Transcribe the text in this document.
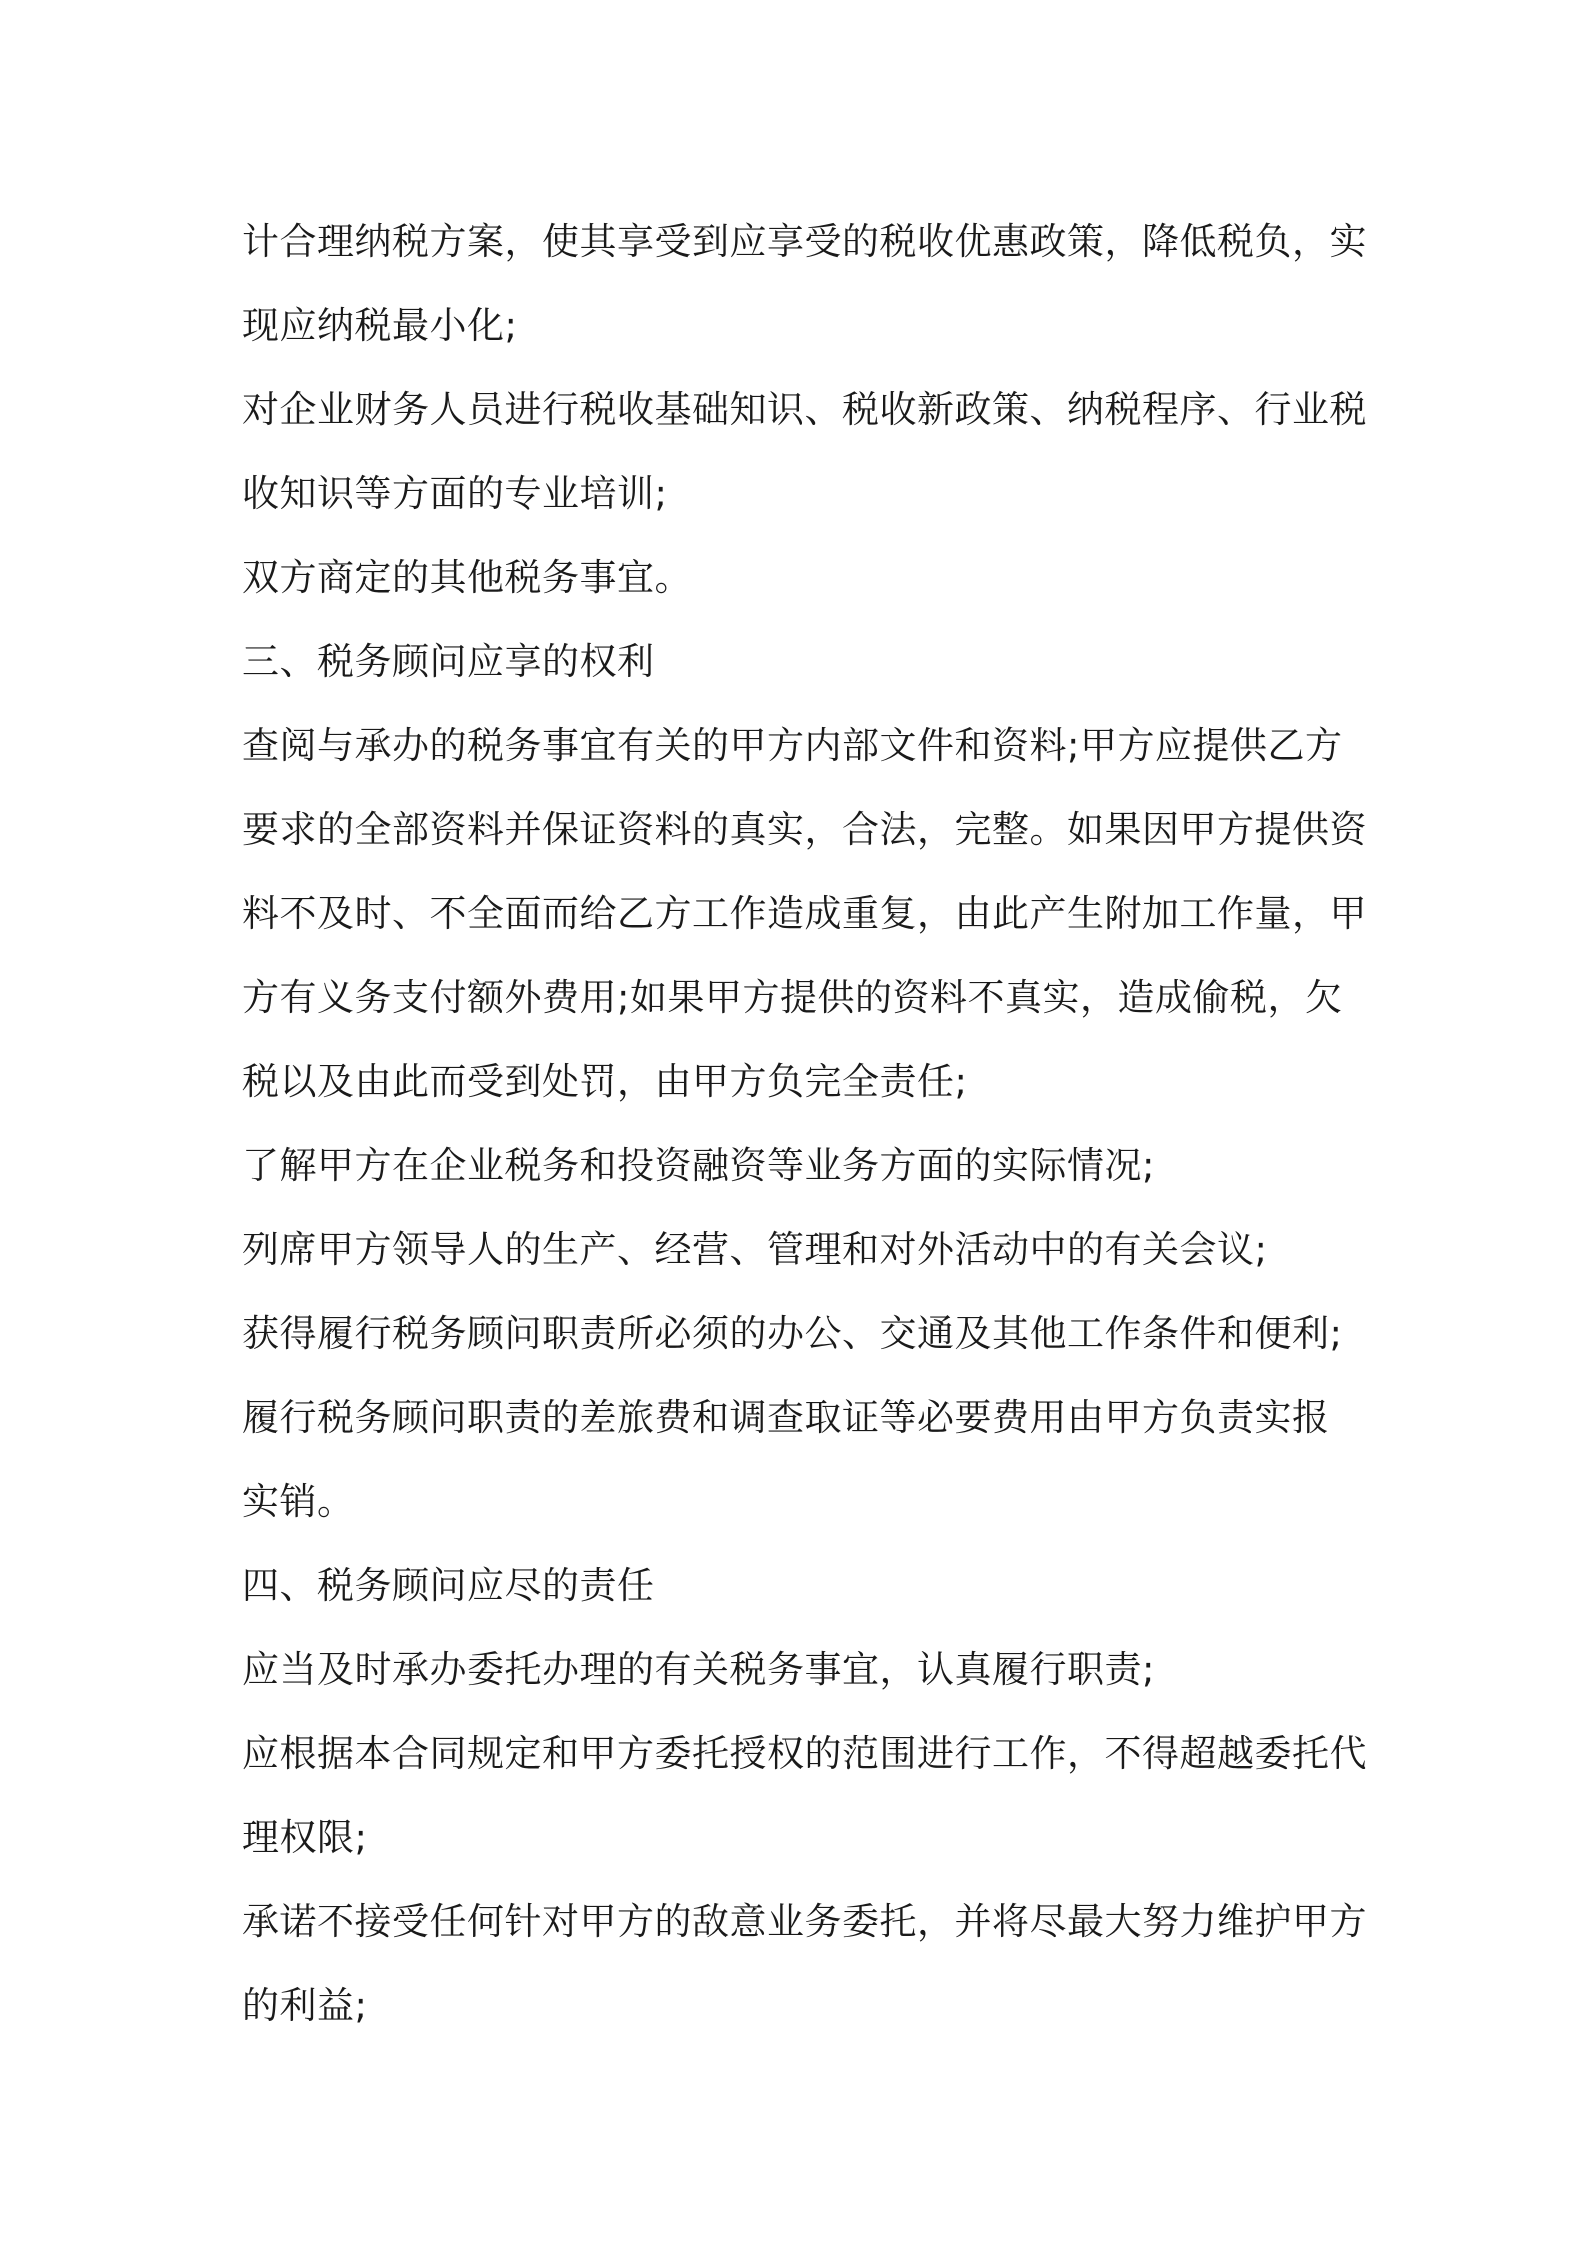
计合理纳税方案，使其享受到应享受的税收优惠政策，降低税负，实
现应纳税最小化;
对企业财务人员进行税收基础知识、税收新政策、纳税程序、行业税
收知识等方面的专业培训;
双方商定的其他税务事宜。
三、税务顾问应享的权利
查阅与承办的税务事宜有关的甲方内部文件和资料;甲方应提供乙方
要求的全部资料并保证资料的真实，合法，完整。如果因甲方提供资
料不及时、不全面而给乙方工作造成重复，由此产生附加工作量，甲
方有义务支付额外费用;如果甲方提供的资料不真实，造成偷税，欠
税以及由此而受到处罚，由甲方负完全责任;
了解甲方在企业税务和投资融资等业务方面的实际情况;
列席甲方领导人的生产、经营、管理和对外活动中的有关会议;
获得履行税务顾问职责所必须的办公、交通及其他工作条件和便利;
履行税务顾问职责的差旅费和调查取证等必要费用由甲方负责实报
实销。
四、税务顾问应尽的责任
应当及时承办委托办理的有关税务事宜，认真履行职责;
应根据本合同规定和甲方委托授权的范围进行工作，不得超越委托代
理权限;
承诺不接受任何针对甲方的敌意业务委托，并将尽最大努力维护甲方
的利益;
